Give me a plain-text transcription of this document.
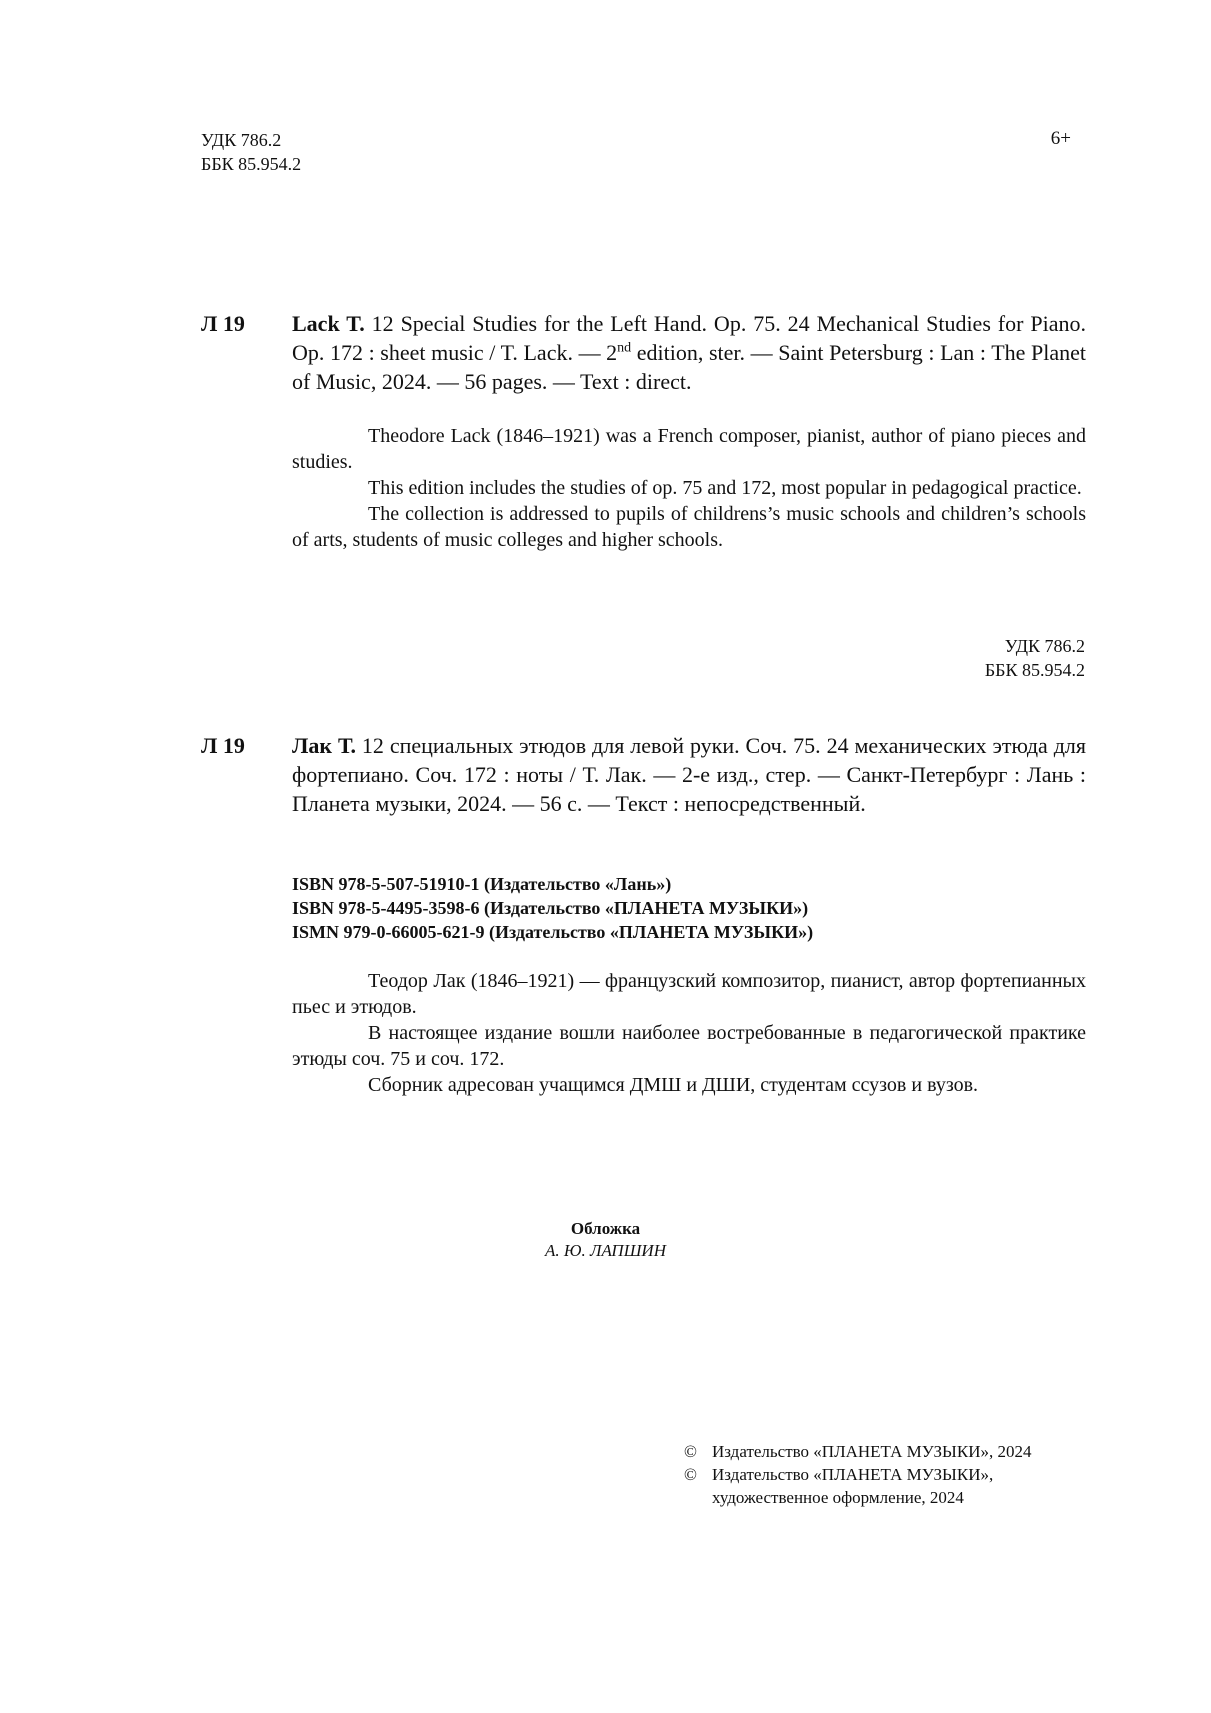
УДК 786.2
ББК 85.954.2
6+
Л 19 Lack T. 12 Special Studies for the Left Hand. Op. 75. 24 Mechanical Studies for Piano. Op. 172 : sheet music / T. Lack. — 2nd edition, ster. — Saint Petersburg : Lan : The Planet of Music, 2024. — 56 pages. — Text : direct.

Theodore Lack (1846–1921) was a French composer, pianist, author of piano pieces and studies.

This edition includes the studies of op. 75 and 172, most popular in pedagogical practice.

The collection is addressed to pupils of childrens’s music schools and children’s schools of arts, students of music colleges and higher schools.

УДК 786.2
ББК 85.954.2
Л 19 Лак Т. 12 специальных этюдов для левой руки. Соч. 75. 24 механических этюда для фортепиано. Соч. 172 : ноты / Т. Лак. — 2-е изд., стер. — Санкт-Петербург : Лань : Планета музыки, 2024. — 56 с. — Текст : непосредственный.
ISBN 978-5-507-51910-1 (Издательство «Лань»)
ISBN 978-5-4495-3598-6 (Издательство «ПЛАНЕТА МУЗЫКИ»)
ISMN 979-0-66005-621-9 (Издательство «ПЛАНЕТА МУЗЫКИ»)

Теодор Лак (1846–1921) — французский композитор, пианист, автор фортепианных пьес и этюдов.

В настоящее издание вошли наиболее востребованные в педагогической практике этюды соч. 75 и соч. 172.

Сборник адресован учащимся ДМШ и ДШИ, студентам ссузов и вузов.

Обложка
А. Ю. ЛАПШИН
© Издательство «ПЛАНЕТА МУЗЫКИ», 2024
© Издательство «ПЛАНЕТА МУЗЫКИ»,
художественное оформление, 2024
